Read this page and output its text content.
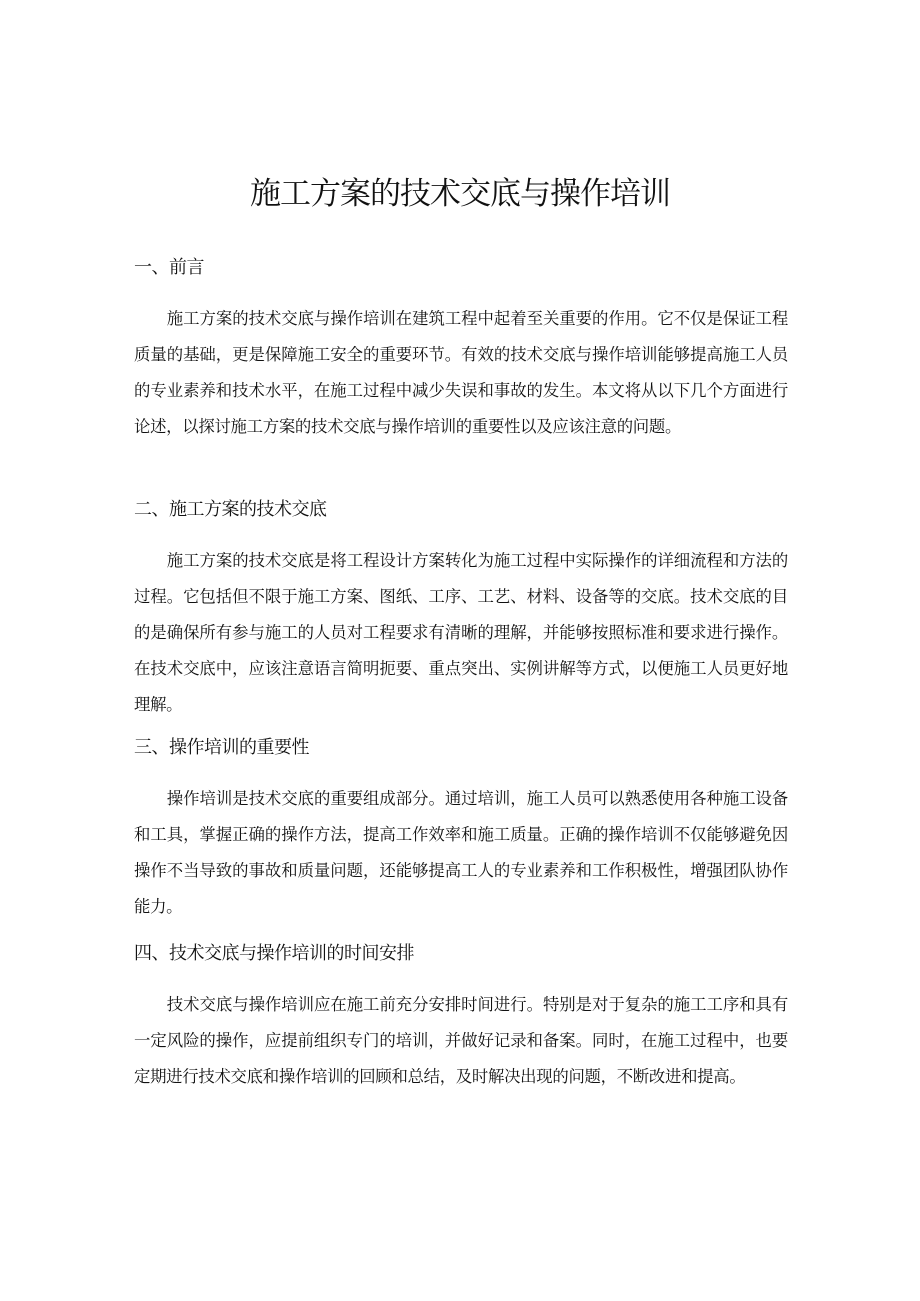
施工方案的技术交底与操作培训
一、前言

施工方案的技术交底与操作培训在建筑工程中起着至关重要的作用。它不仅是保证工程质量的基础，更是保障施工安全的重要环节。有效的技术交底与操作培训能够提高施工人员的专业素养和技术水平，在施工过程中减少失误和事故的发生。本文将从以下几个方面进行论述，以探讨施工方案的技术交底与操作培训的重要性以及应该注意的问题。

二、施工方案的技术交底

施工方案的技术交底是将工程设计方案转化为施工过程中实际操作的详细流程和方法的过程。它包括但不限于施工方案、图纸、工序、工艺、材料、设备等的交底。技术交底的目的是确保所有参与施工的人员对工程要求有清晰的理解，并能够按照标准和要求进行操作。在技术交底中，应该注意语言简明扼要、重点突出、实例讲解等方式，以便施工人员更好地理解。

三、操作培训的重要性

操作培训是技术交底的重要组成部分。通过培训，施工人员可以熟悉使用各种施工设备和工具，掌握正确的操作方法，提高工作效率和施工质量。正确的操作培训不仅能够避免因操作不当导致的事故和质量问题，还能够提高工人的专业素养和工作积极性，增强团队协作能力。

四、技术交底与操作培训的时间安排

技术交底与操作培训应在施工前充分安排时间进行。特别是对于复杂的施工工序和具有一定风险的操作，应提前组织专门的培训，并做好记录和备案。同时，在施工过程中，也要定期进行技术交底和操作培训的回顾和总结，及时解决出现的问题，不断改进和提高。
